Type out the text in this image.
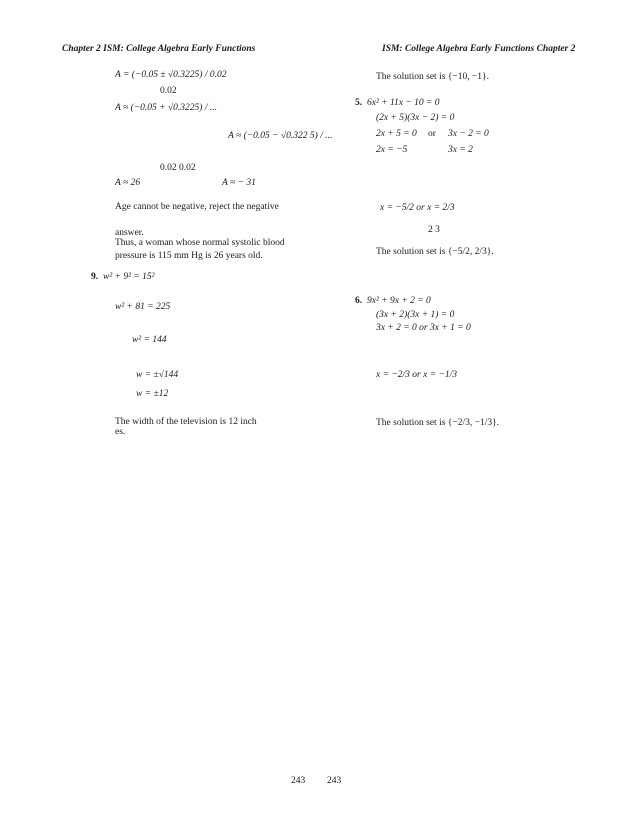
Chapter 2 ISM: College Algebra Early Functions	ISM: College Algebra Early Functions Chapter 2
A = (−0.05 ± √0.3225) / 0.02
0.02
A ≈ (−0.05 + √0.3225) / ...
A ≈ (−0.05 − √0.322 5) / ...
0.02 0.02
A ≈ 26	A ≈ − 31
Age cannot be negative, reject the negative
answer.
Thus, a woman whose normal systolic blood
pressure is 115 mm Hg is 26 years old.
9. w² + 9² = 15²
w² + 81 = 225
w² = 144
w = ±√144
w = ±12
The width of the television is 12 inch
es.
The solution set is {−10, −1}.
5. 6x² + 11x − 10 = 0
(2x + 5)(3x − 2) = 0
2x + 5 = 0 or 3x − 2 = 0
2x = −5	3x = 2
x = −5/2 or x = 2/3
2 3
The solution set is {−5/2, 2/3}.
6. 9x² + 9x + 2 = 0
(3x + 2)(3x + 1) = 0
3x + 2 = 0 or 3x + 1 = 0
x = −2/3 or x = −1/3
The solution set is {−2/3, −1/3}.
243 243
